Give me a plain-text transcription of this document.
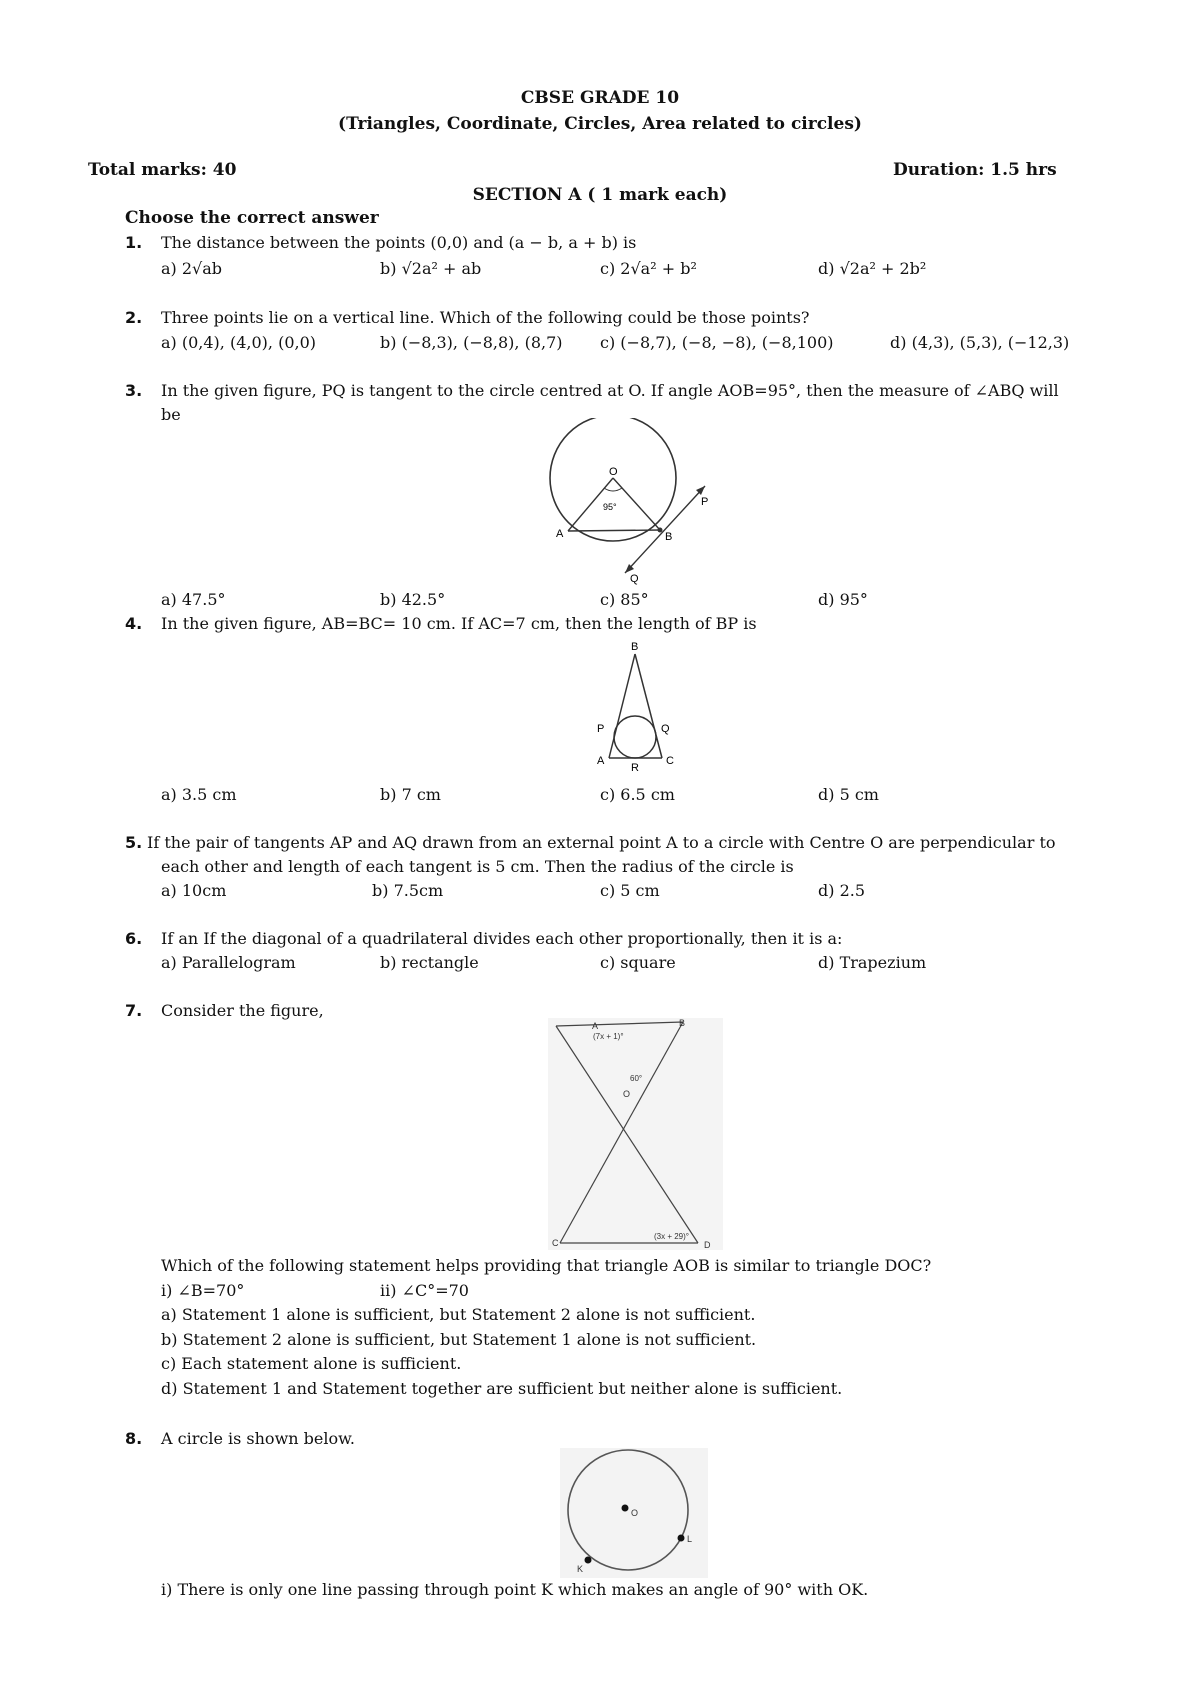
CBSE GRADE 10
(Triangles, Coordinate, Circles, Area related to circles)
Total marks: 40	Duration: 1.5 hrs
SECTION A ( 1 mark each)
Choose the correct answer
1. The distance between the points (0,0) and (a − b, a + b) is
a) 2√ab	b) √2a² + ab	c) 2√a² + b²	d) √2a² + 2b²
2. Three points lie on a vertical line. Which of the following could be those points?
a) (0,4), (4,0), (0,0)	b) (−8,3), (−8,8), (8,7) c) (−8,7), (−8, −8), (−8,100)	d) (4,3), (5,3), (−12,3)
3. In the given figure, PQ is tangent to the circle centred at O. If angle AOB=95°, then the measure of ∠ABQ will
be
O
95°
A	B
P
Q
a) 47.5°	b) 42.5°	c) 85°	d) 95°
4. In the given figure, AB=BC= 10 cm. If AC=7 cm, then the length of BP is
B
P	Q
A	C
R
a) 3.5 cm	b) 7 cm	c) 6.5 cm	d) 5 cm
5. If the pair of tangents AP and AQ drawn from an external point A to a circle with Centre O are perpendicular to
each other and length of each tangent is 5 cm. Then the radius of the circle is
a) 10cm	b) 7.5cm	c) 5 cm	d) 2.5
6. If an If the diagonal of a quadrilateral divides each other proportionally, then it is a:
a) Parallelogram	b) rectangle	c) square	d) Trapezium
7. Consider the figure,
(7x + 1)°
60°
(3x + 29)°
A	B
O
C	D
Which of the following statement helps providing that triangle AOB is similar to triangle DOC?
i) ∠B=70°	ii) ∠C°=70
a) Statement 1 alone is sufficient, but Statement 2 alone is not sufficient.
b) Statement 2 alone is sufficient, but Statement 1 alone is not sufficient.
c) Each statement alone is sufficient.
d) Statement 1 and Statement together are sufficient but neither alone is sufficient.
8. A circle is shown below.
O
K
L
i) There is only one line passing through point K which makes an angle of 90° with OK.
